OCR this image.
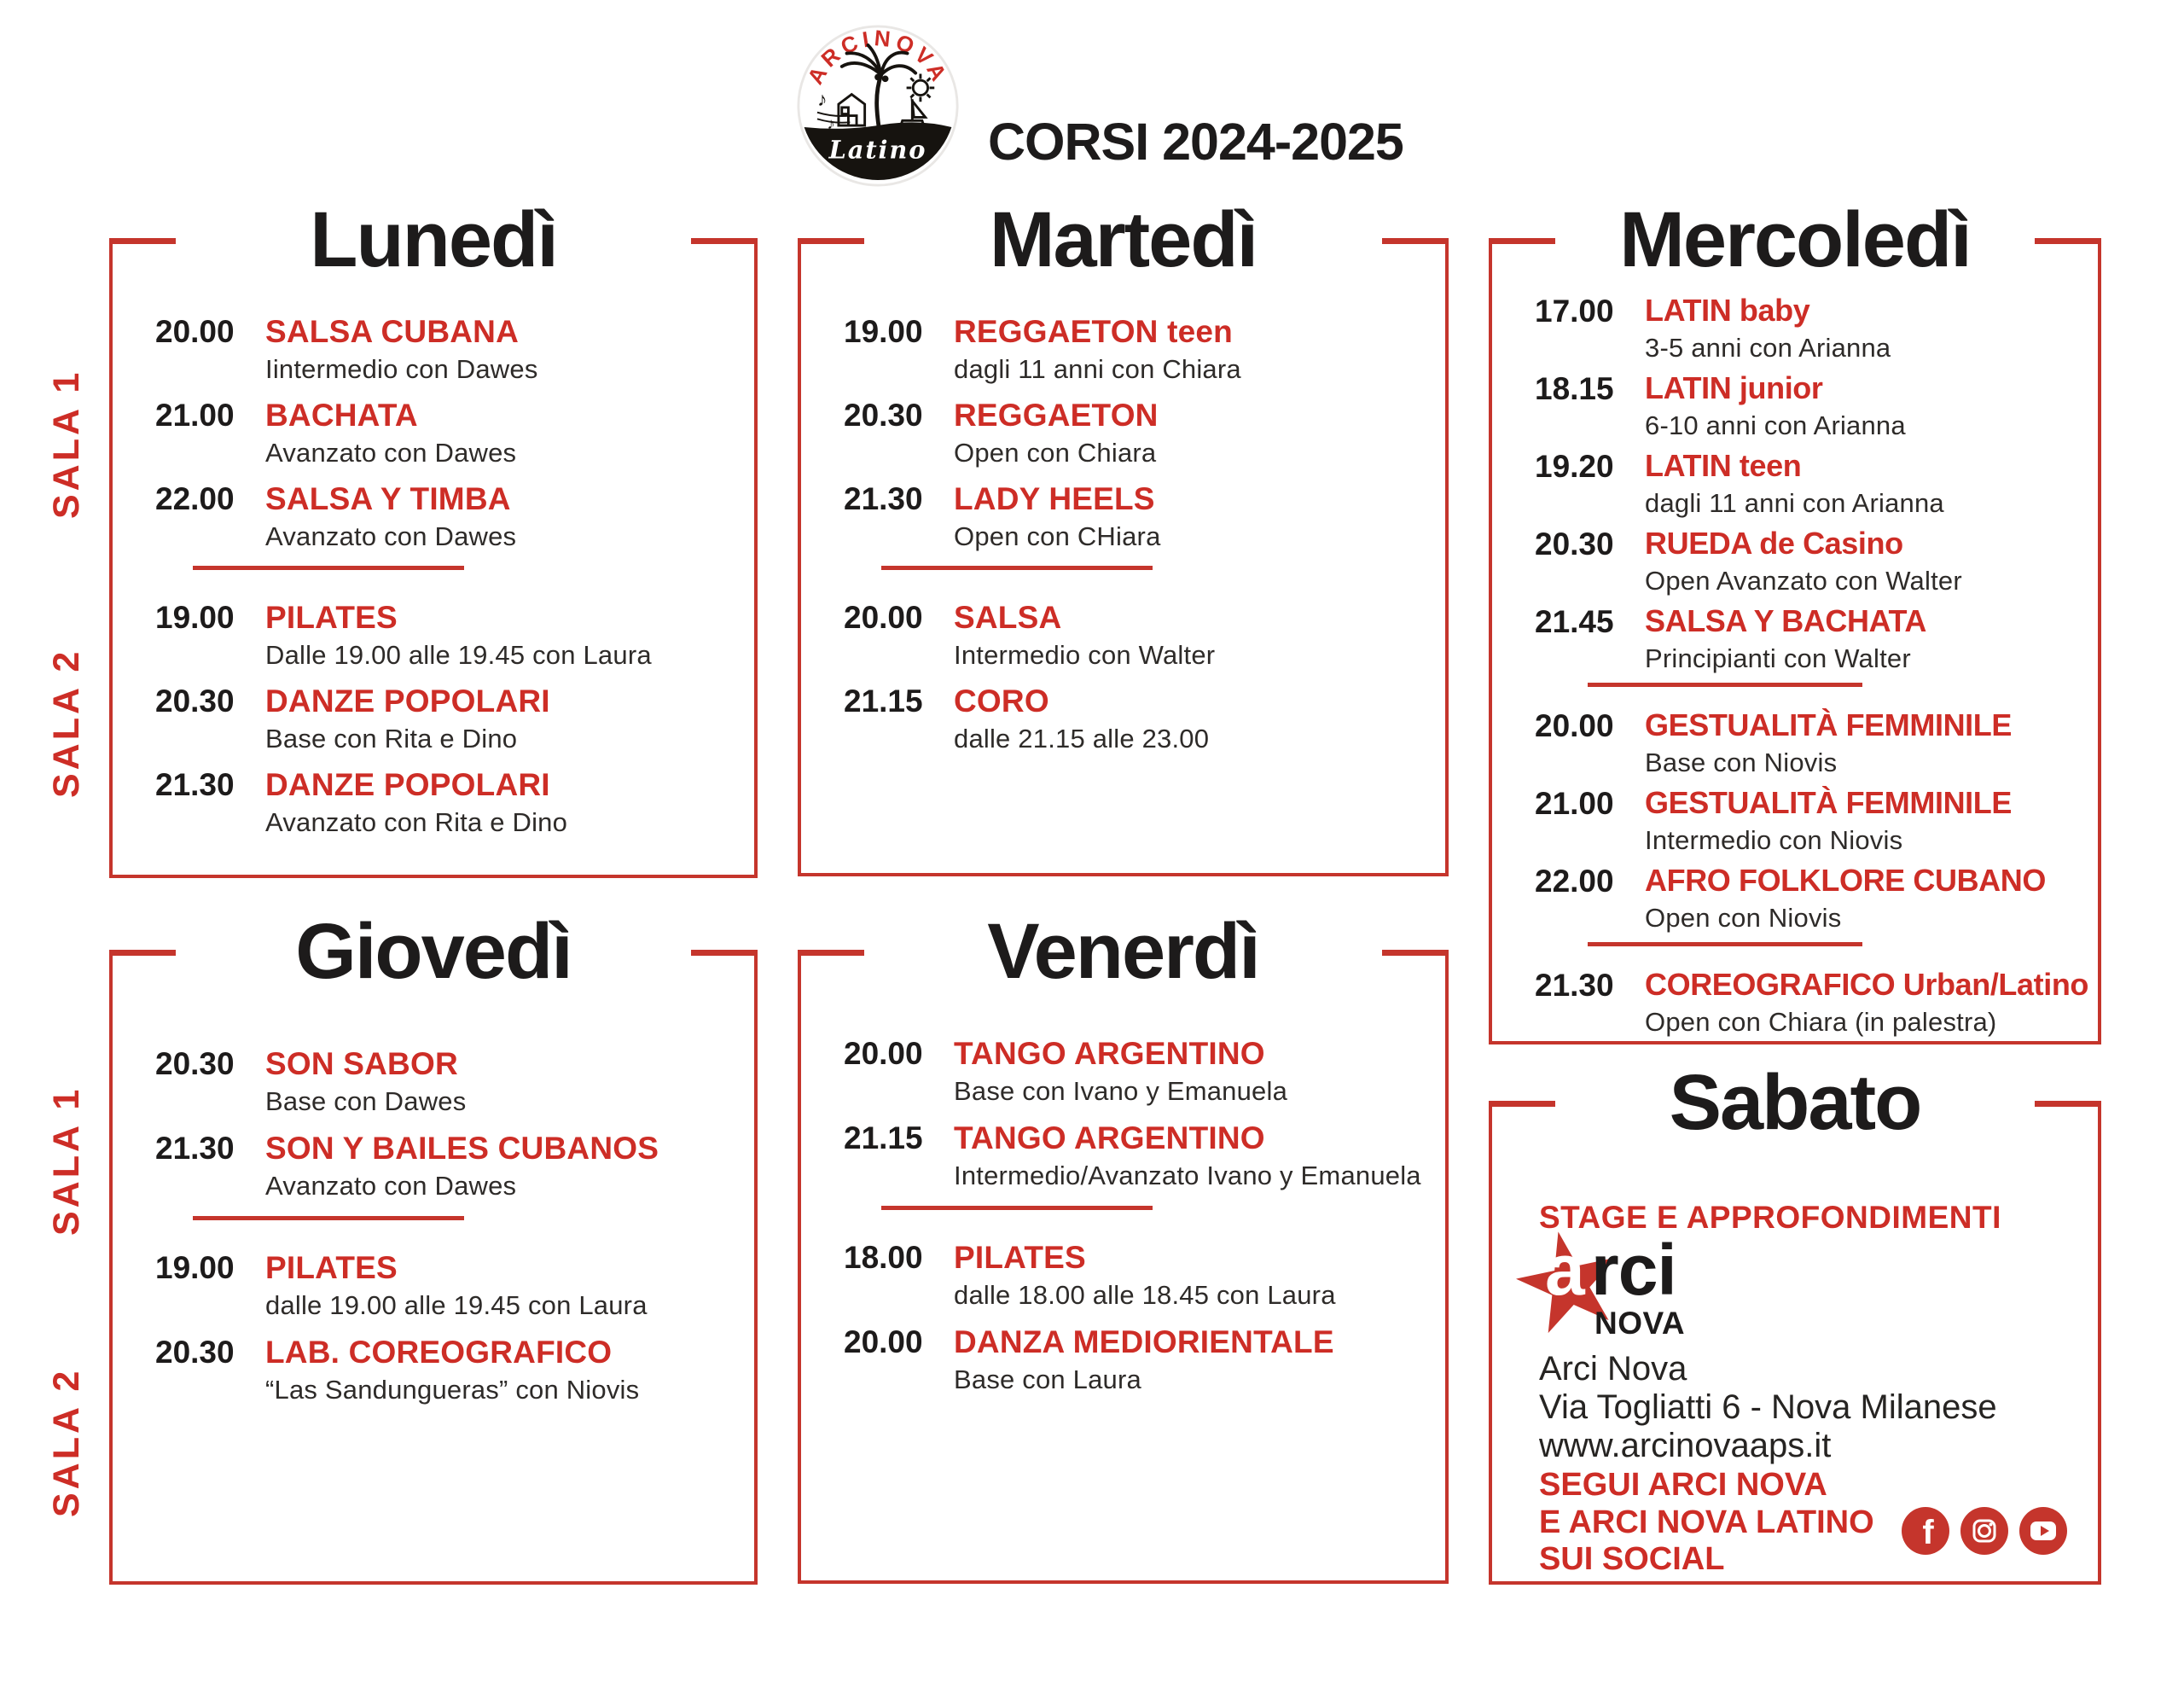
ARCINOVA
♪
♪
Latino CORSI 2024-2025
SALA 1
SALA 2
SALA 1
SALA 2
Lunedì
20.00 SALSA CUBANA
Iintermedio con Dawes
21.00 BACHATA
Avanzato con Dawes
22.00 SALSA Y TIMBA
Avanzato con Dawes
19.00 PILATES
Dalle 19.00 alle 19.45 con Laura
20.30 DANZE POPOLARI
Base con Rita e Dino
21.30 DANZE POPOLARI
Avanzato con Rita e Dino
Martedì
19.00 REGGAETON teen
dagli 11 anni con Chiara
20.30 REGGAETON
Open con Chiara
21.30 LADY HEELS
Open con CHiara
20.00 SALSA
Intermedio con Walter
21.15 CORO
dalle 21.15 alle 23.00
Mercoledì
17.00 LATIN baby
3-5 anni con Arianna
18.15 LATIN junior
6-10 anni con Arianna
19.20 LATIN teen
dagli 11 anni con Arianna
20.30 RUEDA de Casino
Open Avanzato con Walter
21.45 SALSA Y BACHATA
Principianti con Walter
20.00 GESTUALITÀ FEMMINILE
Base con Niovis
21.00 GESTUALITÀ FEMMINILE
Intermedio con Niovis
22.00 AFRO FOLKLORE CUBANO
Open con Niovis
21.30 COREOGRAFICO Urban/Latino
Open con Chiara (in palestra)
Giovedì
20.30 SON SABOR
Base con Dawes
21.30 SON Y BAILES CUBANOS
Avanzato con Dawes
19.00 PILATES
dalle 19.00 alle 19.45 con Laura
20.30 LAB. COREOGRAFICO
“Las Sandungueras” con Niovis
Venerdì
20.00 TANGO ARGENTINO
Base con Ivano y Emanuela
21.15 TANGO ARGENTINO
Intermedio/Avanzato Ivano y Emanuela
18.00 PILATES
dalle 18.00 alle 18.45 con Laura
20.00 DANZA MEDIORIENTALE
Base con Laura
Sabato
STAGE E APPROFONDIMENTI
a rci
NOVA
Arci Nova
Via Togliatti 6 - Nova Milanese
www.arcinovaaps.it
SEGUI ARCI NOVA
E ARCI NOVA LATINO
SUI SOCIAL
f
